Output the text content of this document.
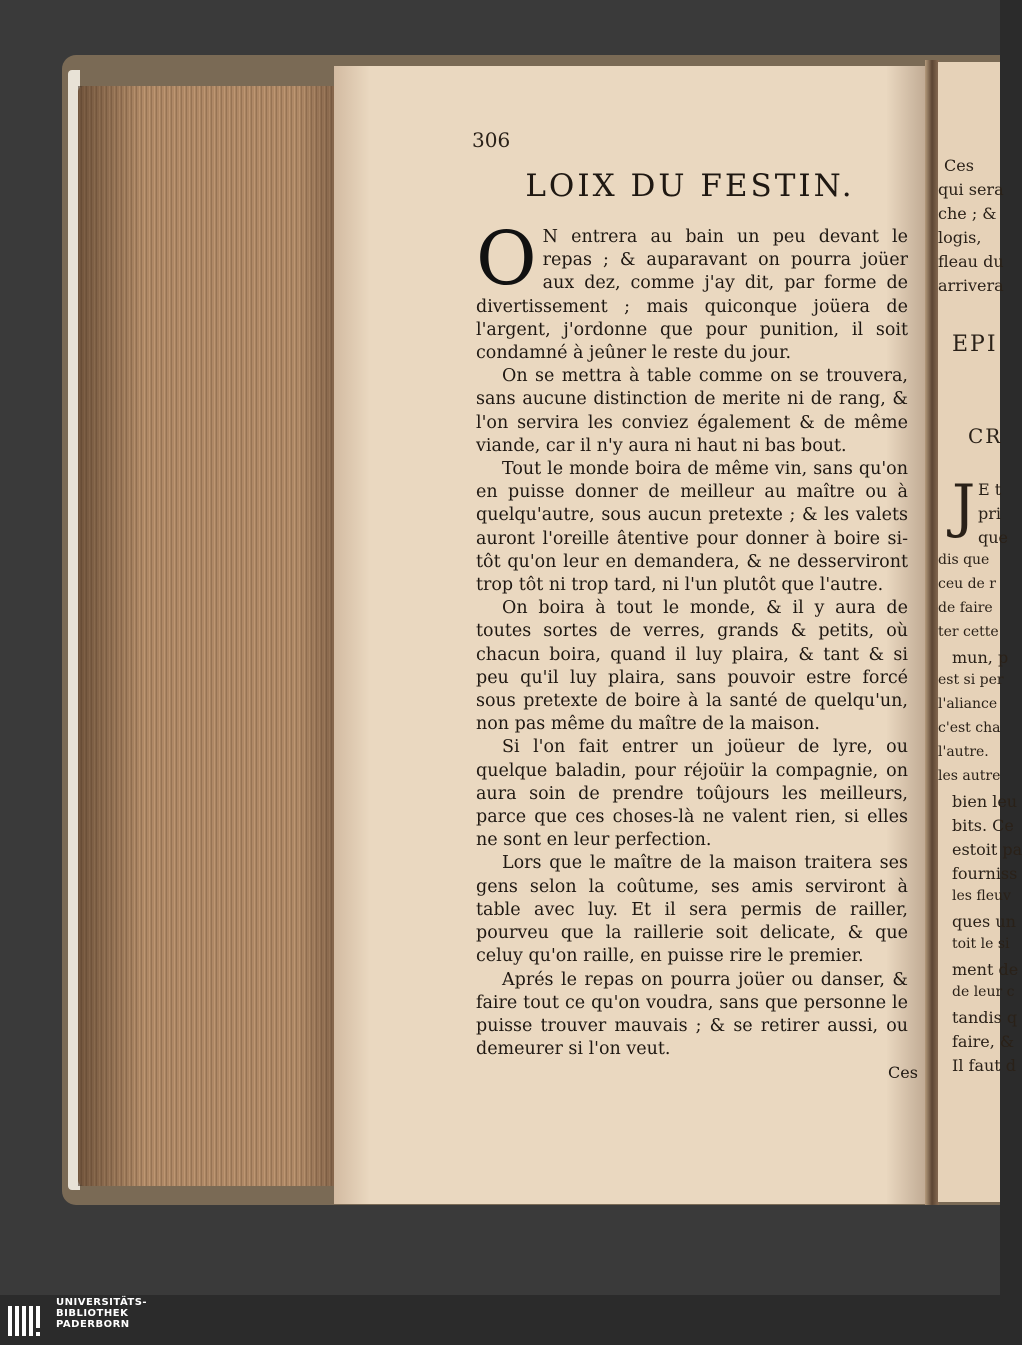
Ces
qui sera
che ; &
logis,
fleau du
arrivera
EPI
CR
J E t
pri
que
dis que
ceu de r
de faire
ter cette
mun, p
est si per
l'aliance
c'est cha
l'autre.
les autre
bien leu
bits. Ce
estoit pa
fourniss
les fleuv
ques un
toit le si
ment de
de leur c
tandis q
faire, &
Il faut d
306
LOIX DU FESTIN.

O N entrera au bain un peu devant le repas ; & auparavant on pourra joüer aux dez, comme j'ay dit, par forme de divertissement ; mais quiconque joüera de l'argent, j'ordonne que pour punition, il soit condamné à jeûner le reste du jour.

On se mettra à table comme on se trouvera, sans aucune distinction de merite ni de rang, & l'on servira les conviez également & de même viande, car il n'y aura ni haut ni bas bout.

Tout le monde boira de même vin, sans qu'on en puisse donner de meilleur au maître ou à quelqu'autre, sous aucun pretexte ; & les valets auront l'oreille âtentive pour donner à boire si-tôt qu'on leur en demandera, & ne desserviront trop tôt ni trop tard, ni l'un plutôt que l'autre.

On boira à tout le monde, & il y aura de toutes sortes de verres, grands & petits, où chacun boira, quand il luy plaira, & tant & si peu qu'il luy plaira, sans pouvoir estre forcé sous pretexte de boire à la santé de quelqu'un, non pas même du maître de la maison.

Si l'on fait entrer un joüeur de lyre, ou quelque baladin, pour réjoüir la compagnie, on aura soin de prendre toûjours les meilleurs, parce que ces choses-là ne valent rien, si elles ne sont en leur perfection.

Lors que le maître de la maison traitera ses gens selon la coûtume, ses amis serviront à table avec luy. Et il sera permis de railler, pourveu que la raillerie soit delicate, & que celuy qu'on raille, en puisse rire le premier.

Aprés le repas on pourra joüer ou danser, & faire tout ce qu'on voudra, sans que personne le puisse trouver mauvais ; & se retirer aussi, ou demeurer si l'on veut.

Ces
UNIVERSITÄTS-
BIBLIOTHEK
PADERBORN
